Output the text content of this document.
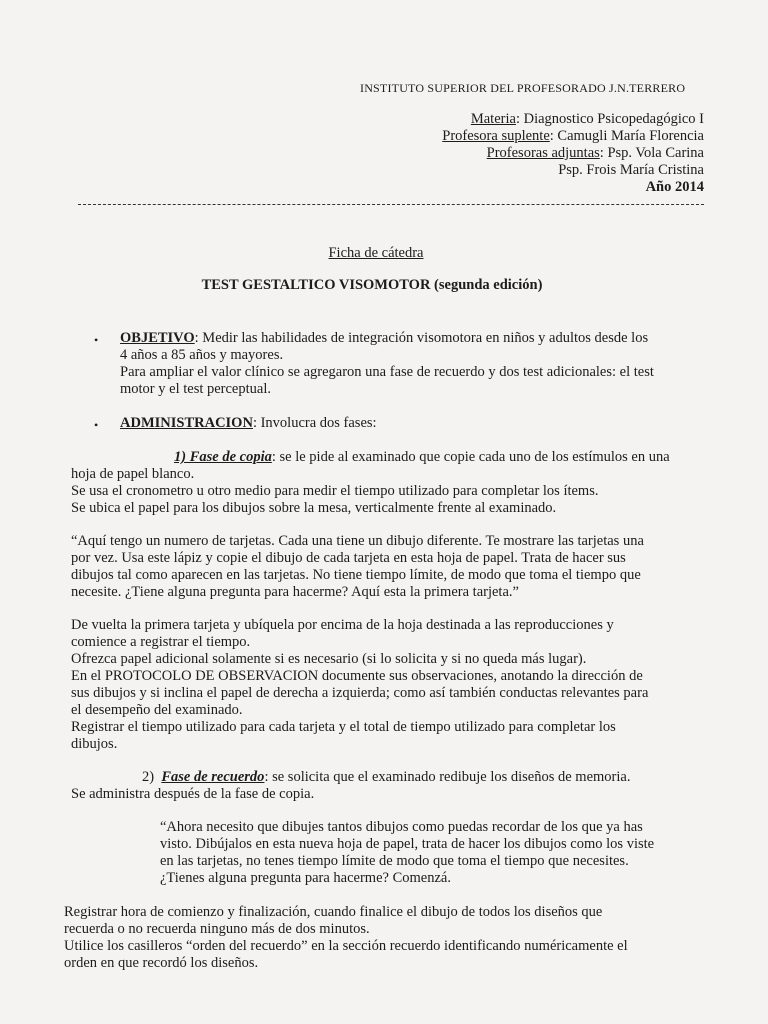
INSTITUTO SUPERIOR DEL PROFESORADO J.N.TERRERO
Materia: Diagnostico Psicopedagógico I
Profesora suplente: Camugli María Florencia
Profesoras adjuntas: Psp. Vola Carina
Psp. Frois María Cristina
Año 2014
Ficha de cátedra
TEST GESTALTICO VISOMOTOR (segunda edición)
• OBJETIVO: Medir las habilidades de integración visomotora en niños y adultos desde los
4 años a 85 años y mayores.
Para ampliar el valor clínico se agregaron una fase de recuerdo y dos test adicionales: el test
motor y el test perceptual.
• ADMINISTRACION: Involucra dos fases:
1) Fase de copia: se le pide al examinado que copie cada uno de los estímulos en una
hoja de papel blanco.
Se usa el cronometro u otro medio para medir el tiempo utilizado para completar los ítems.
Se ubica el papel para los dibujos sobre la mesa, verticalmente frente al examinado.
“Aquí tengo un numero de tarjetas. Cada una tiene un dibujo diferente. Te mostrare las tarjetas una
por vez. Usa este lápiz y copie el dibujo de cada tarjeta en esta hoja de papel. Trata de hacer sus
dibujos tal como aparecen en las tarjetas. No tiene tiempo límite, de modo que toma el tiempo que
necesite. ¿Tiene alguna pregunta para hacerme? Aquí esta la primera tarjeta.”
De vuelta la primera tarjeta y ubíquela por encima de la hoja destinada a las reproducciones y
comience a registrar el tiempo.
Ofrezca papel adicional solamente si es necesario (si lo solicita y si no queda más lugar).
En el PROTOCOLO DE OBSERVACION documente sus observaciones, anotando la dirección de
sus dibujos y si inclina el papel de derecha a izquierda; como así también conductas relevantes para
el desempeño del examinado.
Registrar el tiempo utilizado para cada tarjeta y el total de tiempo utilizado para completar los
dibujos.
2) Fase de recuerdo: se solicita que el examinado redibuje los diseños de memoria.
Se administra después de la fase de copia.
“Ahora necesito que dibujes tantos dibujos como puedas recordar de los que ya has
visto. Dibújalos en esta nueva hoja de papel, trata de hacer los dibujos como los viste
en las tarjetas, no tenes tiempo límite de modo que toma el tiempo que necesites.
¿Tienes alguna pregunta para hacerme? Comenzá.
Registrar hora de comienzo y finalización, cuando finalice el dibujo de todos los diseños que
recuerda o no recuerda ninguno más de dos minutos.
Utilice los casilleros “orden del recuerdo” en la sección recuerdo identificando numéricamente el
orden en que recordó los diseños.
